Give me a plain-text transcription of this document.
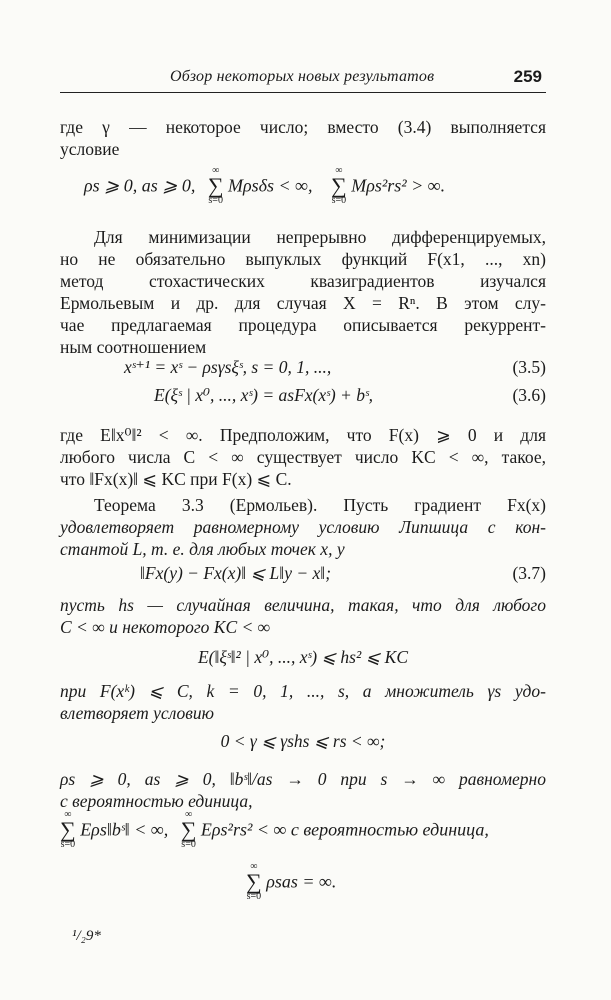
Обзор некоторых новых результатов	259
где γ — некоторое число; вместо (3.4) выполняется
условие
ρs ⩾ 0, as ⩾ 0,
∞
∑
s=0
Mρsδs < ∞,
∞
∑
s=0
Mρs²rs² > ∞.
Для минимизации непрерывно дифференцируемых,
но не обязательно выпуклых функций F(x1, ..., xn)
метод стохастических квазиградиентов изучался
Ермольевым и др. для случая X = Rⁿ. В этом слу-
чае предлагаемая процедура описывается рекуррент-
ным соотношением
xˢ⁺¹ = xˢ − ρsγsξˢ, s = 0, 1, ...,	(3.5)
E(ξˢ | x⁰, ..., xˢ) = asFx(xˢ) + bˢ,	(3.6)
где E‖x⁰‖² < ∞. Предположим, что F(x) ⩾ 0 и для
любого числа C < ∞ существует число KC < ∞, такое,
что ‖Fx(x)‖ ⩽ KC при F(x) ⩽ C.
Теорема 3.3 (Ермольев). Пусть градиент Fx(x)
удовлетворяет равномерному условию Липшица с кон-
стантой L, т. е. для любых точек x, y
‖Fx(y) − Fx(x)‖ ⩽ L‖y − x‖;	(3.7)
пусть hs — случайная величина, такая, что для любого
C < ∞ и некоторого KC < ∞
E(‖ξˢ‖² | x⁰, ..., xˢ) ⩽ hs² ⩽ KC
при F(xᵏ) ⩽ C, k = 0, 1, ..., s, а множитель γs удо-
влетворяет условию
0 < γ ⩽ γshs ⩽ rs < ∞;
ρs ⩾ 0, as ⩾ 0, ‖bˢ‖/as → 0 при s → ∞ равномерно
с вероятностью единица,
∞
∑
s=0
Eρs‖bˢ‖ < ∞,
∞
∑
s=0
Eρs²rs² < ∞ с вероятностью единица,
∞
∑
s=0
ρsas = ∞.
¹/₂9*
